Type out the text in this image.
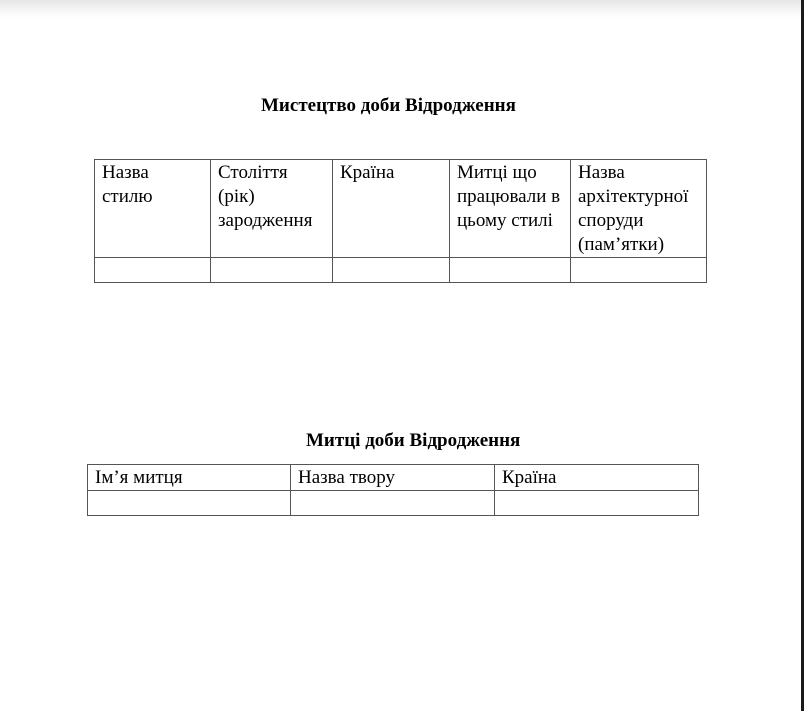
Мистецтво доби Відродження
Назва стилю	Століття (рік) зародження	Країна	Митці що працювали в цьому стилі	Назва архітектурної споруди (пам’ятки)

Митці доби Відродження
Ім’я митця	Назва твору	Країна
